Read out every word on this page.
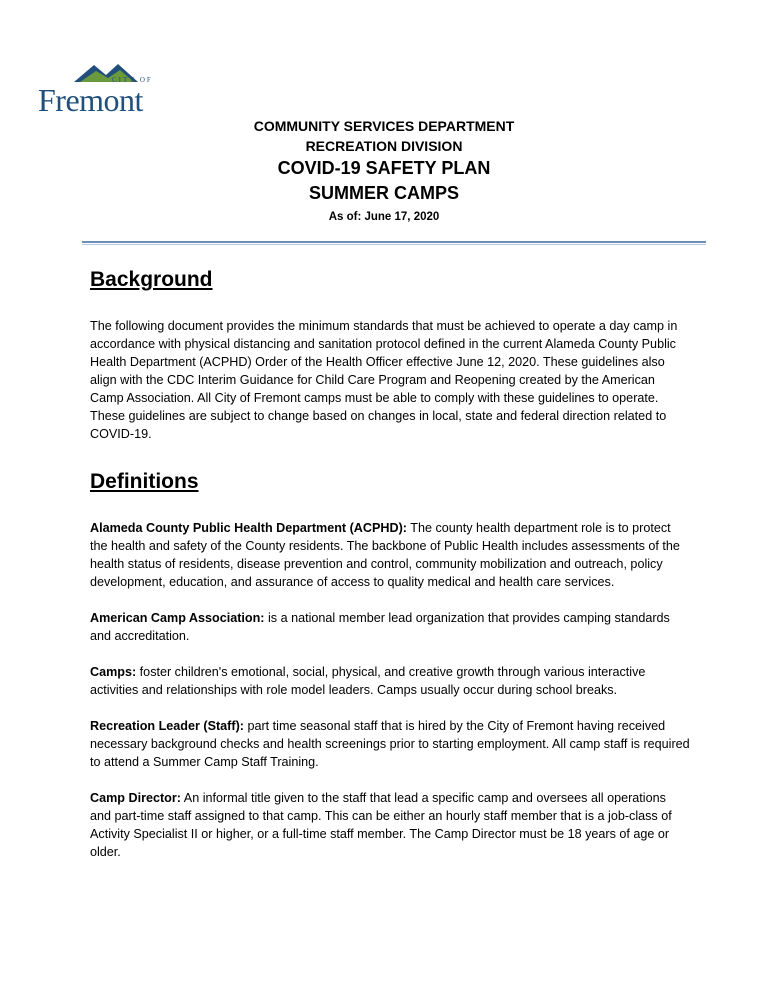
CITY OF
Fremont
COMMUNITY SERVICES DEPARTMENT
RECREATION DIVISION
COVID-19 SAFETY PLAN
SUMMER CAMPS
As of: June 17, 2020
Background

The following document provides the minimum standards that must be achieved to operate a day camp in accordance with physical distancing and sanitation protocol defined in the current Alameda County Public Health Department (ACPHD) Order of the Health Officer effective June 12, 2020. These guidelines also align with the CDC Interim Guidance for Child Care Program and Reopening created by the American Camp Association. All City of Fremont camps must be able to comply with these guidelines to operate. These guidelines are subject to change based on changes in local, state and federal direction related to COVID-19.

Definitions

Alameda County Public Health Department (ACPHD): The county health department role is to protect the health and safety of the County residents. The backbone of Public Health includes assessments of the health status of residents, disease prevention and control, community mobilization and outreach, policy development, education, and assurance of access to quality medical and health care services.

American Camp Association: is a national member lead organization that provides camping standards and accreditation.

Camps: foster children's emotional, social, physical, and creative growth through various interactive activities and relationships with role model leaders. Camps usually occur during school breaks.

Recreation Leader (Staff): part time seasonal staff that is hired by the City of Fremont having received necessary background checks and health screenings prior to starting employment. All camp staff is required to attend a Summer Camp Staff Training.

Camp Director: An informal title given to the staff that lead a specific camp and oversees all operations and part-time staff assigned to that camp. This can be either an hourly staff member that is a job-class of Activity Specialist II or higher, or a full-time staff member. The Camp Director must be 18 years of age or older.
